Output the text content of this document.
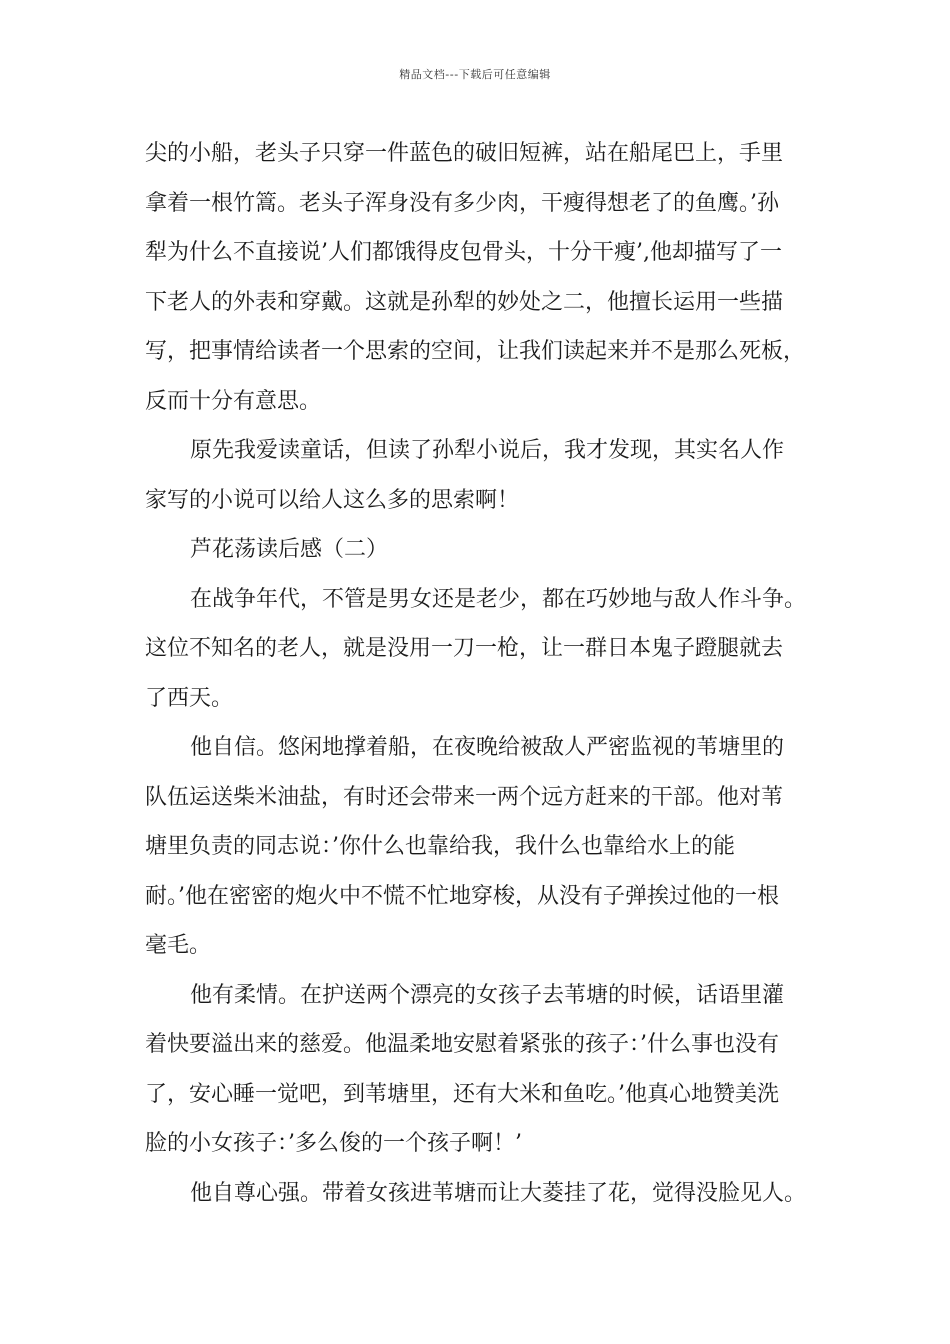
精品文档---下载后可任意编辑
尖的小船，老头子只穿一件蓝色的破旧短裤，站在船尾巴上，手里
拿着一根竹篙。老头子浑身没有多少肉，干瘦得想老了的鱼鹰。’孙
犁为什么不直接说’人们都饿得皮包骨头，十分干瘦’,他却描写了一
下老人的外表和穿戴。这就是孙犁的妙处之二，他擅长运用一些描
写，把事情给读者一个思索的空间，让我们读起来并不是那么死板，
反而十分有意思。
原先我爱读童话，但读了孙犁小说后，我才发现，其实名人作
家写的小说可以给人这么多的思索啊！
芦花荡读后感（二）
在战争年代，不管是男女还是老少，都在巧妙地与敌人作斗争。
这位不知名的老人，就是没用一刀一枪，让一群日本鬼子蹬腿就去
了西天。
他自信。悠闲地撑着船，在夜晚给被敌人严密监视的苇塘里的
队伍运送柴米油盐，有时还会带来一两个远方赶来的干部。他对苇
塘里负责的同志说：’你什么也靠给我，我什么也靠给水上的能
耐。’他在密密的炮火中不慌不忙地穿梭，从没有子弹挨过他的一根
毫毛。
他有柔情。在护送两个漂亮的女孩子去苇塘的时候，话语里灌
着快要溢出来的慈爱。他温柔地安慰着紧张的孩子：’什么事也没有
了，安心睡一觉吧，到苇塘里，还有大米和鱼吃。’他真心地赞美洗
脸的小女孩子：’多么俊的一个孩子啊！’
他自尊心强。带着女孩进苇塘而让大菱挂了花，觉得没脸见人。
